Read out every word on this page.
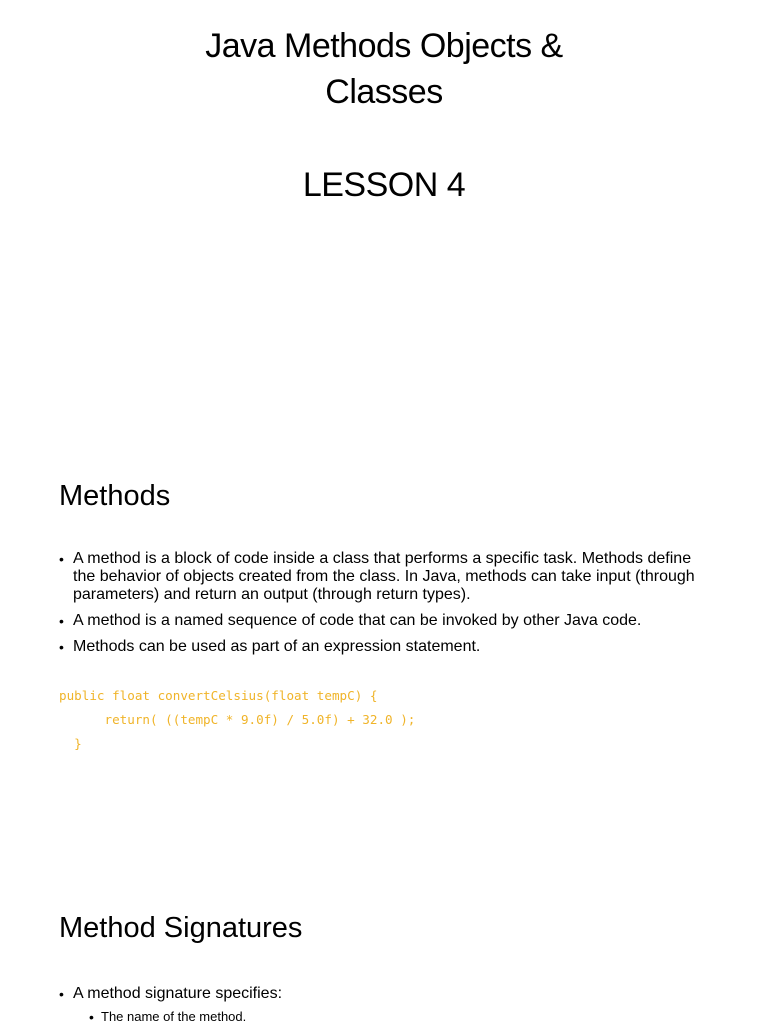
Java Methods Objects &
Classes
LESSON 4
Methods
• A method is a block of code inside a class that performs a specific task. Methods define the behavior of objects created from the class. In Java, methods can take input (through parameters) and return an output (through return types).
• A method is a named sequence of code that can be invoked by other Java code.
• Methods can be used as part of an expression statement.
public float convertCelsius(float tempC) {
return( ((tempC * 9.0f) / 5.0f) + 32.0 );
}
Method Signatures
• A method signature specifies:
• The name of the method.
